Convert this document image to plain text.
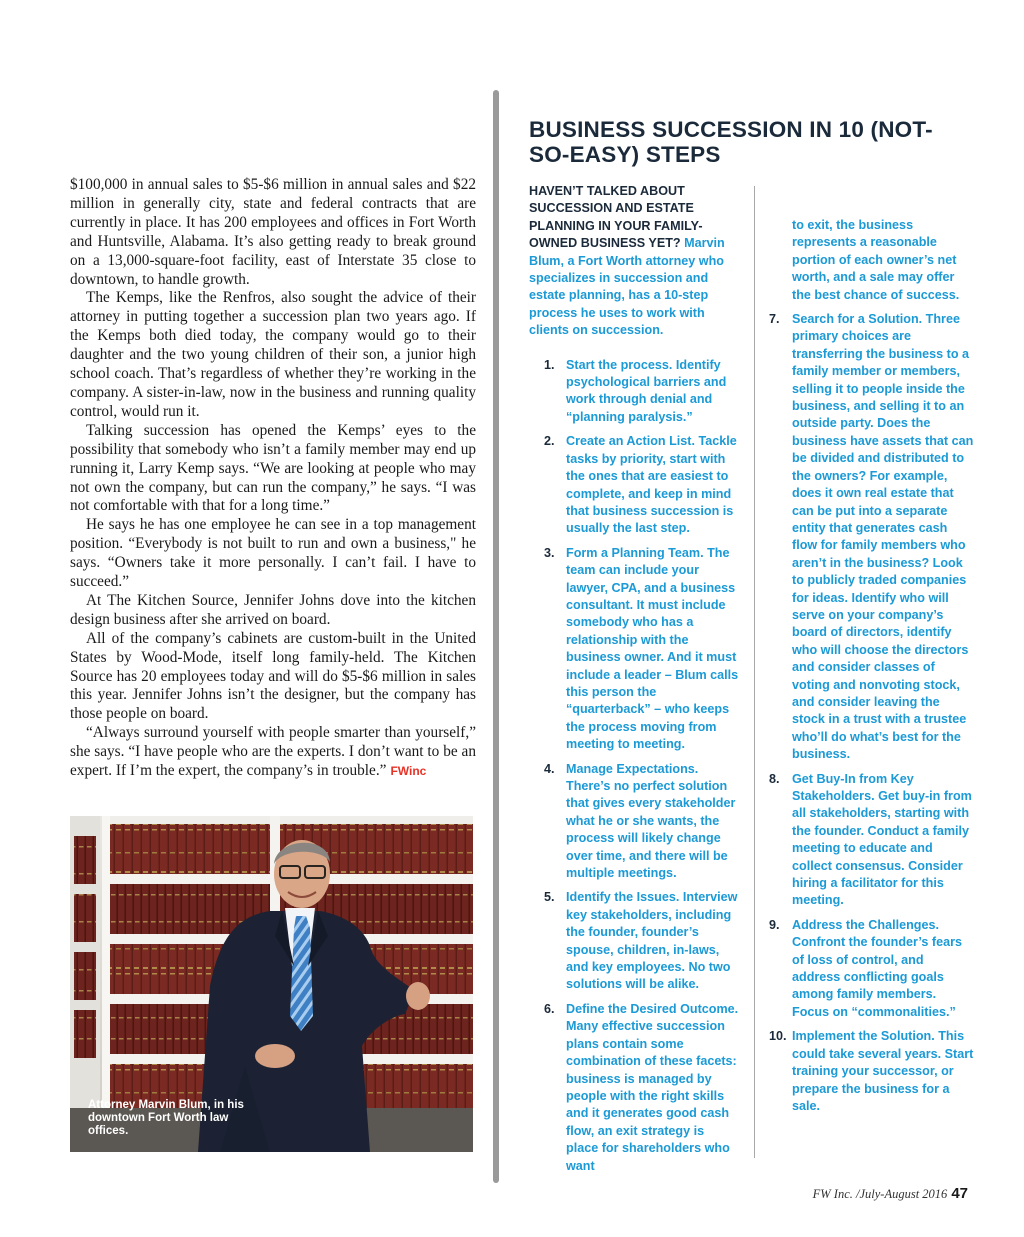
$100,000 in annual sales to $5-$6 million in annual sales and $22 million in generally city, state and federal contracts that are currently in place. It has 200 employees and offices in Fort Worth and Huntsville, Alabama. It’s also getting ready to break ground on a 13,000-square-foot facility, east of Interstate 35 close to downtown, to handle growth.

The Kemps, like the Renfros, also sought the advice of their attorney in putting together a succession plan two years ago. If the Kemps both died today, the company would go to their daughter and the two young children of their son, a junior high school coach. That’s regardless of whether they’re working in the company. A sister-in-law, now in the business and running quality control, would run it.

Talking succession has opened the Kemps’ eyes to the possibility that somebody who isn’t a family member may end up running it, Larry Kemp says. “We are looking at people who may not own the company, but can run the company,” he says. “I was not comfortable with that for a long time.”

He says he has one employee he can see in a top management position. “Everybody is not built to run and own a business," he says. “Owners take it more personally. I can’t fail. I have to succeed.”

At The Kitchen Source, Jennifer Johns dove into the kitchen design business after she arrived on board.

All of the company’s cabinets are custom-built in the United States by Wood-Mode, itself long family-held. The Kitchen Source has 20 employees today and will do $5-$6 million in sales this year. Jennifer Johns isn’t the designer, but the company has those people on board.

“Always surround yourself with people smarter than yourself,” she says. “I have people who are the experts. I don’t want to be an expert. If I’m the expert, the company’s in trouble.” FWinc

Attorney Marvin Blum, in his downtown Fort Worth law offices.
BUSINESS SUCCESSION IN 10 (NOT-SO-EASY) STEPS

HAVEN’T TALKED ABOUT SUCCESSION AND ESTATE PLANNING IN YOUR FAMILY-OWNED BUSINESS YET? Marvin Blum, a Fort Worth attorney who specializes in succession and estate planning, has a 10-step process he uses to work with clients on succession.

1. Start the process. Identify psychological barriers and work through denial and “planning paralysis.”
2. Create an Action List. Tackle tasks by priority, start with the ones that are easiest to complete, and keep in mind that business succession is usually the last step.
3. Form a Planning Team. The team can include your lawyer, CPA, and a business consultant. It must include somebody who has a relationship with the business owner. And it must include a leader – Blum calls this person the “quarterback” – who keeps the process moving from meeting to meeting.
4. Manage Expectations. There’s no perfect solution that gives every stakeholder what he or she wants, the process will likely change over time, and there will be multiple meetings.
5. Identify the Issues. Interview key stakeholders, including the founder, founder’s spouse, children, in-laws, and key employees. No two solutions will be alike.
6. Define the Desired Outcome. Many effective succession plans contain some combination of these facets: business is managed by people with the right skills and it generates good cash flow, an exit strategy is place for shareholders who want

to exit, the business represents a reasonable portion of each owner’s net worth, and a sale may offer the best chance of success.

7. Search for a Solution. Three primary choices are transferring the business to a family member or members, selling it to people inside the business, and selling it to an outside party. Does the business have assets that can be divided and distributed to the owners? For example, does it own real estate that can be put into a separate entity that generates cash flow for family members who aren’t in the business? Look to publicly traded companies for ideas. Identify who will serve on your company’s board of directors, identify who will choose the directors and consider classes of voting and nonvoting stock, and consider leaving the stock in a trust with a trustee who’ll do what’s best for the business.
8. Get Buy-In from Key Stakeholders. Get buy-in from all stakeholders, starting with the founder. Conduct a family meeting to educate and collect consensus. Consider hiring a facilitator for this meeting.
9. Address the Challenges. Confront the founder’s fears of loss of control, and address conflicting goals among family members. Focus on “commonalities.”
10. Implement the Solution. This could take several years. Start training your successor, or prepare the business for a sale.
FW Inc. /July-August 2016 47
